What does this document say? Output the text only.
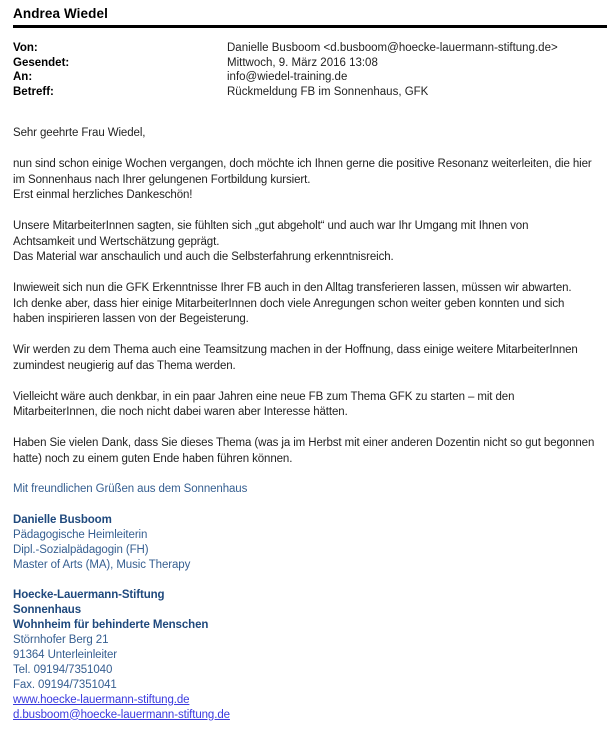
Andrea Wiedel
Von:	Danielle Busboom <d.busboom@hoecke-lauermann-stiftung.de>
Gesendet:	Mittwoch, 9. März 2016 13:08
An:	info@wiedel-training.de
Betreff:	Rückmeldung FB im Sonnenhaus, GFK
Sehr geehrte Frau Wiedel,
nun sind schon einige Wochen vergangen, doch möchte ich Ihnen gerne die positive Resonanz weiterleiten, die hier
im Sonnenhaus nach Ihrer gelungenen Fortbildung kursiert.
Erst einmal herzliches Dankeschön!
Unsere MitarbeiterInnen sagten, sie fühlten sich „gut abgeholt“ und auch war Ihr Umgang mit Ihnen von
Achtsamkeit und Wertschätzung geprägt.
Das Material war anschaulich und auch die Selbsterfahrung erkenntnisreich.
Inwieweit sich nun die GFK Erkenntnisse Ihrer FB auch in den Alltag transferieren lassen, müssen wir abwarten.
Ich denke aber, dass hier einige MitarbeiterInnen doch viele Anregungen schon weiter geben konnten und sich
haben inspirieren lassen von der Begeisterung.
Wir werden zu dem Thema auch eine Teamsitzung machen in der Hoffnung, dass einige weitere MitarbeiterInnen
zumindest neugierig auf das Thema werden.
Vielleicht wäre auch denkbar, in ein paar Jahren eine neue FB zum Thema GFK zu starten – mit den
MitarbeiterInnen, die noch nicht dabei waren aber Interesse hätten.
Haben Sie vielen Dank, dass Sie dieses Thema (was ja im Herbst mit einer anderen Dozentin nicht so gut begonnen
hatte) noch zu einem guten Ende haben führen können.
Mit freundlichen Grüßen aus dem Sonnenhaus
Danielle Busboom
Pädagogische Heimleiterin
Dipl.-Sozialpädagogin (FH)
Master of Arts (MA), Music Therapy
Hoecke-Lauermann-Stiftung
Sonnenhaus
Wohnheim für behinderte Menschen
Störnhofer Berg 21
91364 Unterleinleiter
Tel. 09194/7351040
Fax. 09194/7351041
www.hoecke-lauermann-stiftung.de
d.busboom@hoecke-lauermann-stiftung.de
